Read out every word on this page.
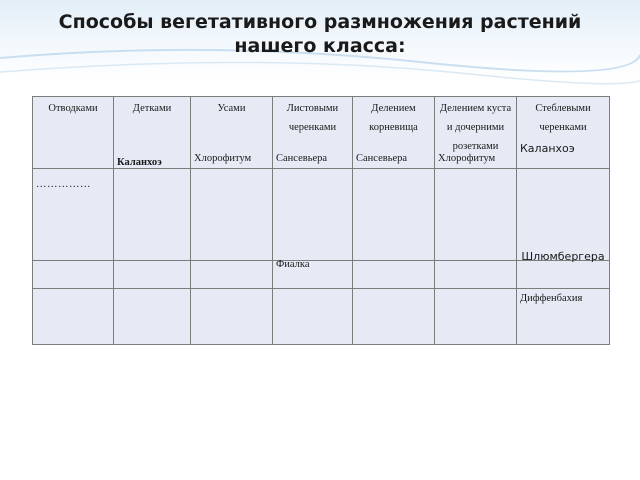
Способы вегетативного размножения растений
нашего класса:
Отводками	Детками	Усами	Листовыми черенками	Делением корневища	Делением куста и дочерними розетками	Стеблевыми черенками

……………	Каланхоэ	Хлорофитум	Сансевьера	Сансевьера	Хлорофитум	Каланхоэ

			Фиалка			Шлюмбергера

						Диффенбахия
